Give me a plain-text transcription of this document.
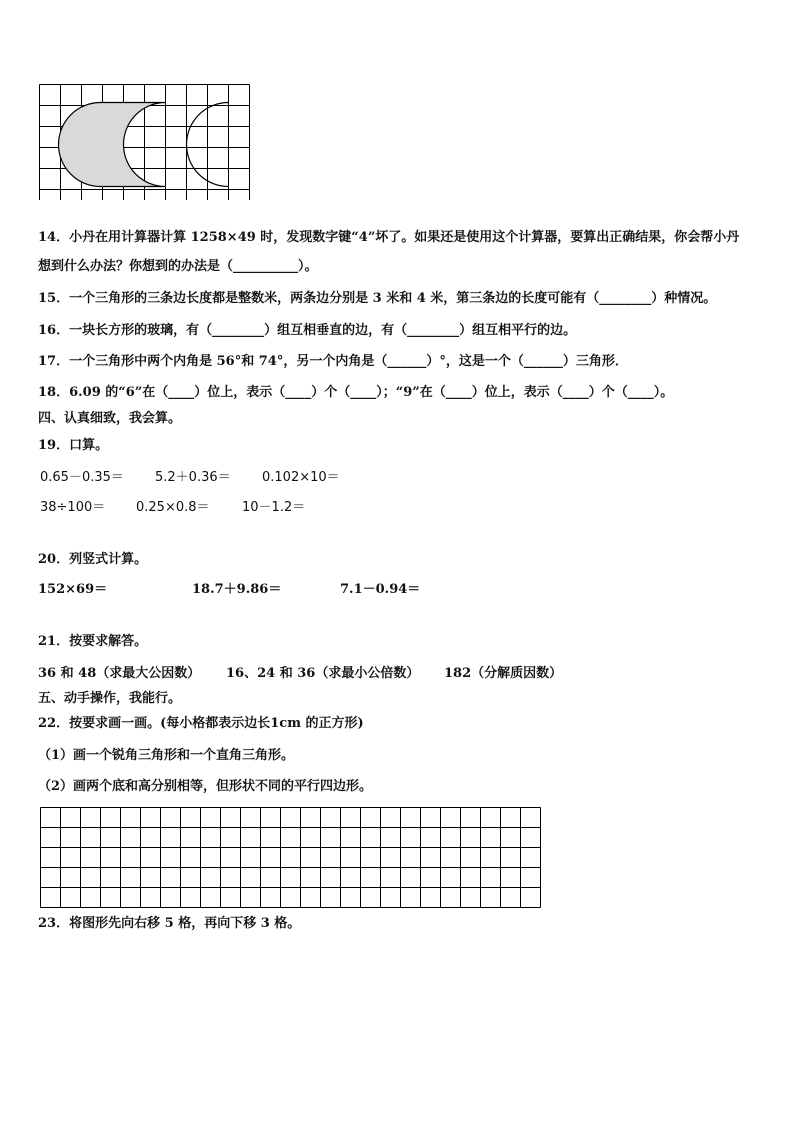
14．小丹在用计算器计算 1258×49 时，发现数字键“4”坏了。如果还是使用这个计算器，要算出正确结果，你会帮小丹
想到什么办法？你想到的办法是（__________）。
15．一个三角形的三条边长度都是整数米，两条边分别是 3 米和 4 米，第三条边的长度可能有（________）种情况。
16．一块长方形的玻璃，有（________）组互相垂直的边，有（________）组互相平行的边。
17．一个三角形中两个内角是 56°和 74°，另一个内角是（______）°，这是一个（______）三角形．
18．6.09 的“6”在（____）位上，表示（____）个（____）；“9”在（____）位上，表示（____）个（____）。
四、认真细致，我会算。
19．口算。
0.65－0.35＝ 5.2＋0.36＝ 0.102×10＝
38÷100＝ 0.25×0.8＝ 10－1.2＝
20．列竖式计算。
152×69＝	18.7＋9.86＝	7.1－0.94＝
21．按要求解答。
36 和 48（求最大公因数） 16、24 和 36（求最小公倍数） 182（分解质因数）
五、动手操作，我能行。
22．按要求画一画。(每小格都表示边长1cm 的正方形)
（1）画一个锐角三角形和一个直角三角形。
（2）画两个底和高分别相等，但形状不同的平行四边形。
23．将图形先向右移 5 格，再向下移 3 格。
